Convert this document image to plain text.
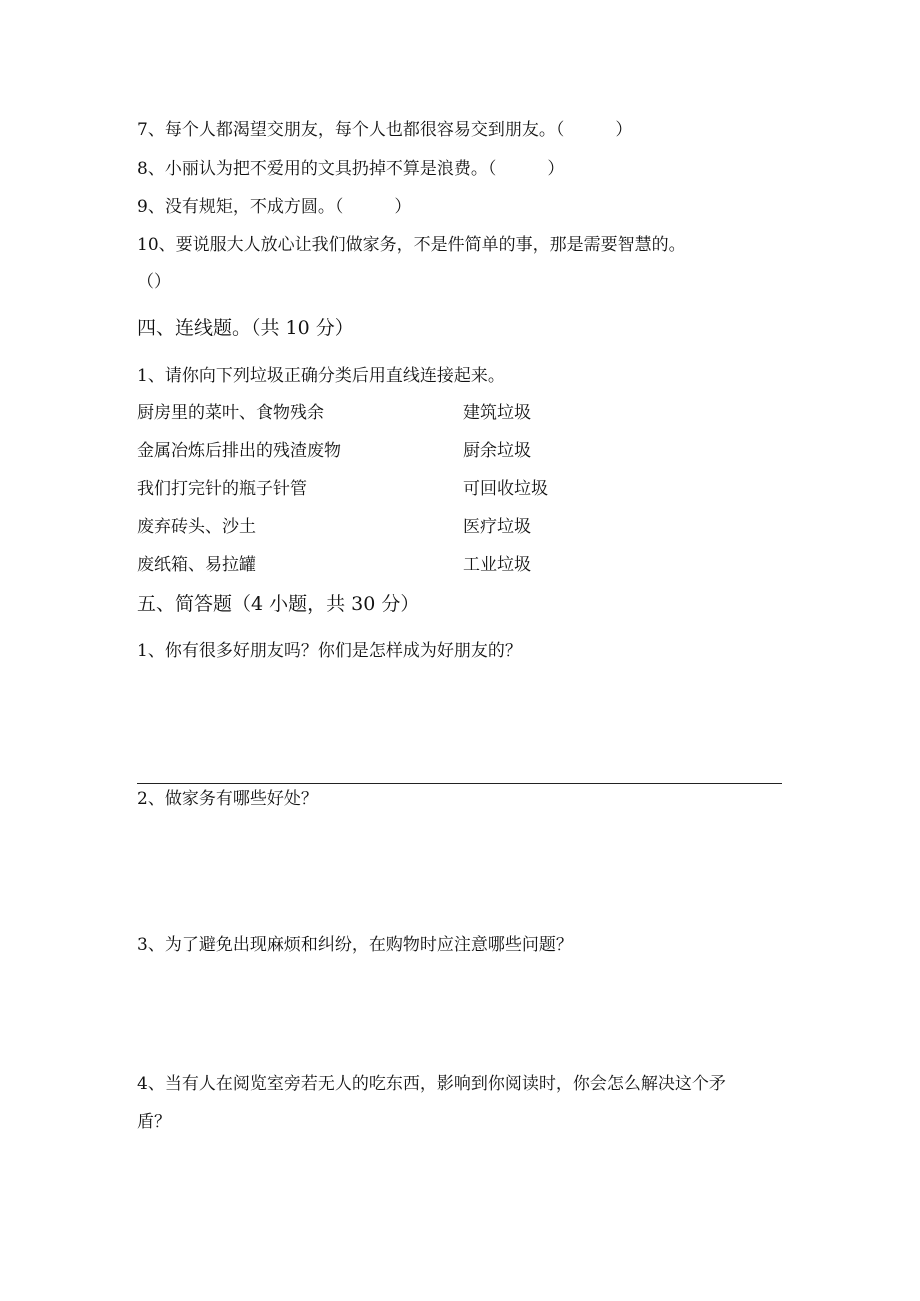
7、每个人都渴望交朋友，每个人也都很容易交到朋友。（　　　）
8、小丽认为把不爱用的文具扔掉不算是浪费。（　　　）
9、没有规矩，不成方圆。（　　　）
10、要说服大人放心让我们做家务，不是件简单的事，那是需要智慧的。
（）
四、连线题。（共 10 分）
1、请你向下列垃圾正确分类后用直线连接起来。
厨房里的菜叶、食物残余	建筑垃圾
金属冶炼后排出的残渣废物	厨余垃圾
我们打完针的瓶子针管	可回收垃圾
废弃砖头、沙土	医疗垃圾
废纸箱、易拉罐	工业垃圾
五、简答题（4 小题，共 30 分）
1、你有很多好朋友吗？你们是怎样成为好朋友的？
2、做家务有哪些好处？
3、为了避免出现麻烦和纠纷，在购物时应注意哪些问题？
4、当有人在阅览室旁若无人的吃东西，影响到你阅读时，你会怎么解决这个矛
盾？
